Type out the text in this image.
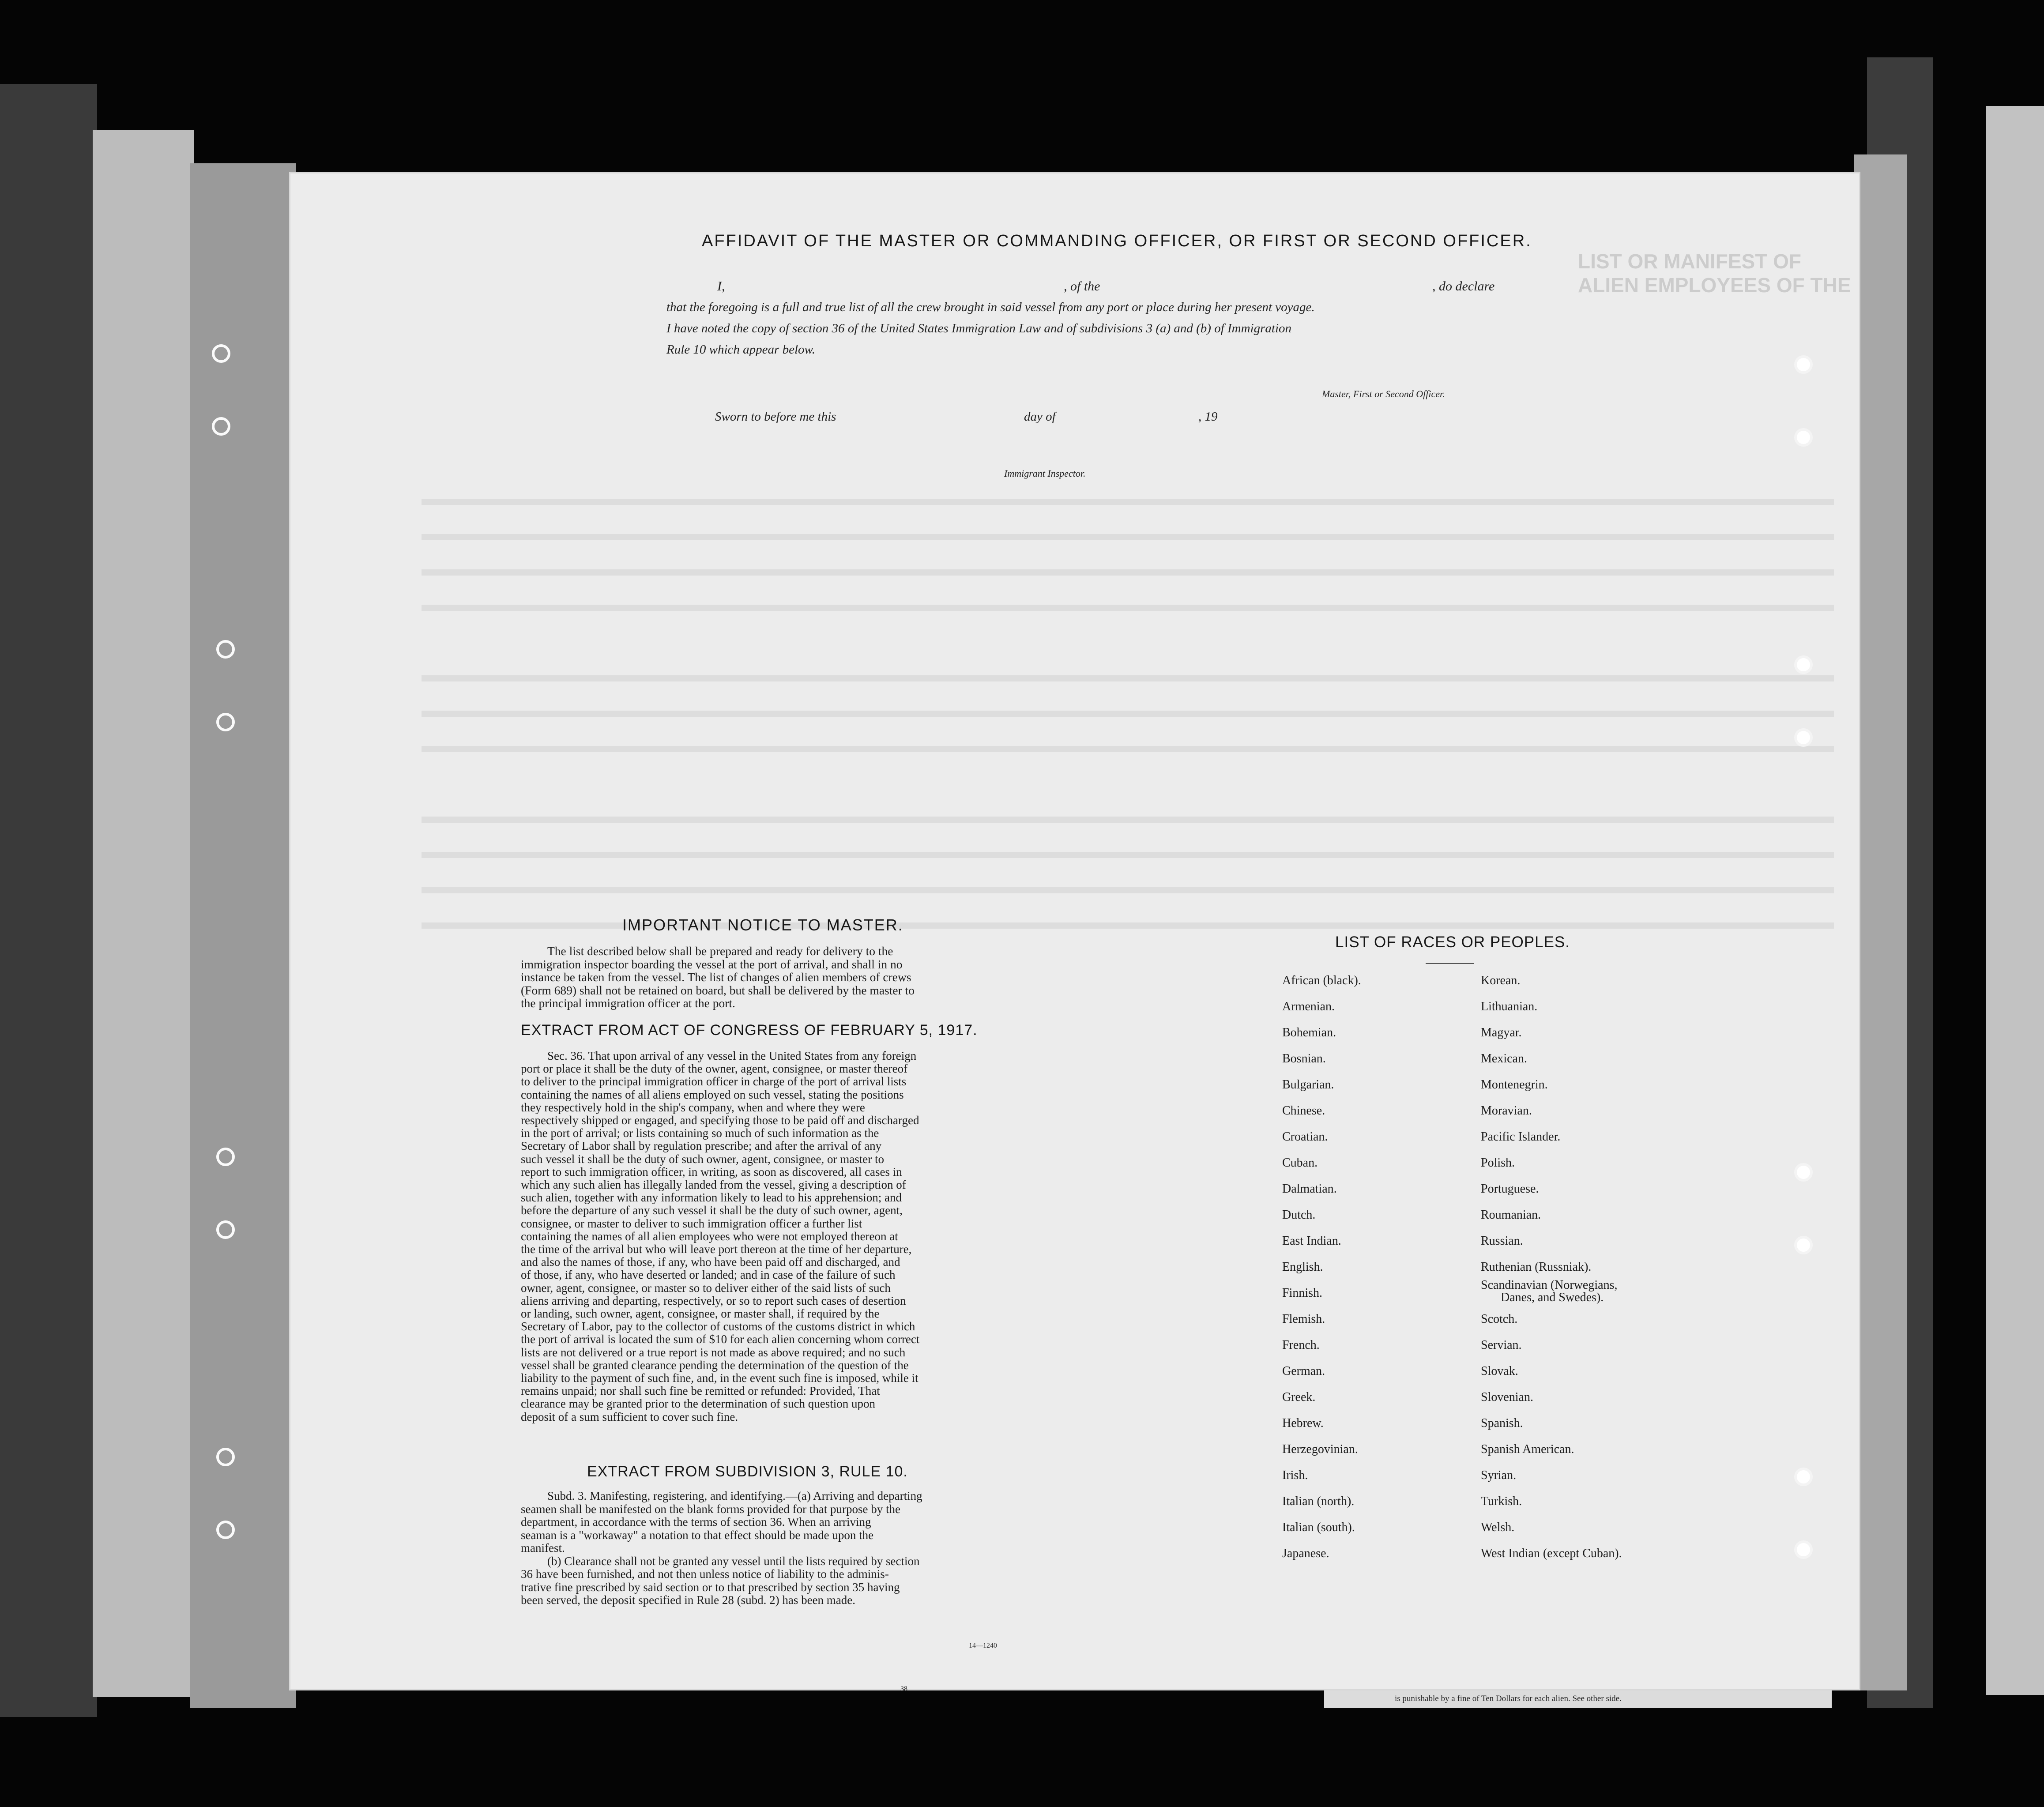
LIST OR MANIFEST OF ALIEN EMPLOYEES OF THE
AFFIDAVIT OF THE MASTER OR COMMANDING OFFICER, OR FIRST OR SECOND OFFICER.
I,	, of the	, do declare
that the foregoing is a full and true list of all the crew brought in said vessel from any port or place during her present voyage.
I have noted the copy of section 36 of the United States Immigration Law and of subdivisions 3 (a) and (b) of Immigration
Rule 10 which appear below.
Master, First or Second Officer.
Sworn to before me this	day of	, 19
Immigrant Inspector.
IMPORTANT NOTICE TO MASTER.
The list described below shall be prepared and ready for delivery to the
immigration inspector boarding the vessel at the port of arrival, and shall in no
instance be taken from the vessel. The list of changes of alien members of crews
(Form 689) shall not be retained on board, but shall be delivered by the master to
the principal immigration officer at the port.
EXTRACT FROM ACT OF CONGRESS OF FEBRUARY 5, 1917.
Sec. 36. That upon arrival of any vessel in the United States from any foreign
port or place it shall be the duty of the owner, agent, consignee, or master thereof
to deliver to the principal immigration officer in charge of the port of arrival lists
containing the names of all aliens employed on such vessel, stating the positions
they respectively hold in the ship's company, when and where they were
respectively shipped or engaged, and specifying those to be paid off and discharged
in the port of arrival; or lists containing so much of such information as the
Secretary of Labor shall by regulation prescribe; and after the arrival of any
such vessel it shall be the duty of such owner, agent, consignee, or master to
report to such immigration officer, in writing, as soon as discovered, all cases in
which any such alien has illegally landed from the vessel, giving a description of
such alien, together with any information likely to lead to his apprehension; and
before the departure of any such vessel it shall be the duty of such owner, agent,
consignee, or master to deliver to such immigration officer a further list
containing the names of all alien employees who were not employed thereon at
the time of the arrival but who will leave port thereon at the time of her departure,
and also the names of those, if any, who have been paid off and discharged, and
of those, if any, who have deserted or landed; and in case of the failure of such
owner, agent, consignee, or master so to deliver either of the said lists of such
aliens arriving and departing, respectively, or so to report such cases of desertion
or landing, such owner, agent, consignee, or master shall, if required by the
Secretary of Labor, pay to the collector of customs of the customs district in which
the port of arrival is located the sum of $10 for each alien concerning whom correct
lists are not delivered or a true report is not made as above required; and no such
vessel shall be granted clearance pending the determination of the question of the
liability to the payment of such fine, and, in the event such fine is imposed, while it
remains unpaid; nor shall such fine be remitted or refunded: Provided, That
clearance may be granted prior to the determination of such question upon
deposit of a sum sufficient to cover such fine.
EXTRACT FROM SUBDIVISION 3, RULE 10.
Subd. 3. Manifesting, registering, and identifying.—(a) Arriving and departing
seamen shall be manifested on the blank forms provided for that purpose by the
department, in accordance with the terms of section 36. When an arriving
seaman is a "workaway" a notation to that effect should be made upon the
manifest.
(b) Clearance shall not be granted any vessel until the lists required by section
36 have been furnished, and not then unless notice of liability to the adminis-
trative fine prescribed by said section or to that prescribed by section 35 having
been served, the deposit specified in Rule 28 (subd. 2) has been made.
14—1240
LIST OF RACES OR PEOPLES.
African (black).
Armenian.
Bohemian.
Bosnian.
Bulgarian.
Chinese.
Croatian.
Cuban.
Dalmatian.
Dutch.
East Indian.
English.
Finnish.
Flemish.
French.
German.
Greek.
Hebrew.
Herzegovinian.
Irish.
Italian (north).
Italian (south).
Japanese.
Korean.
Lithuanian.
Magyar.
Mexican.
Montenegrin.
Moravian.
Pacific Islander.
Polish.
Portuguese.
Roumanian.
Russian.
Ruthenian (Russniak).
Scandinavian (Norwegians,
Danes, and Swedes).
Scotch.
Servian.
Slovak.
Slovenian.
Spanish.
Spanish American.
Syrian.
Turkish.
Welsh.
West Indian (except Cuban).
is punishable by a fine of Ten Dollars for each alien. See other side.
38
